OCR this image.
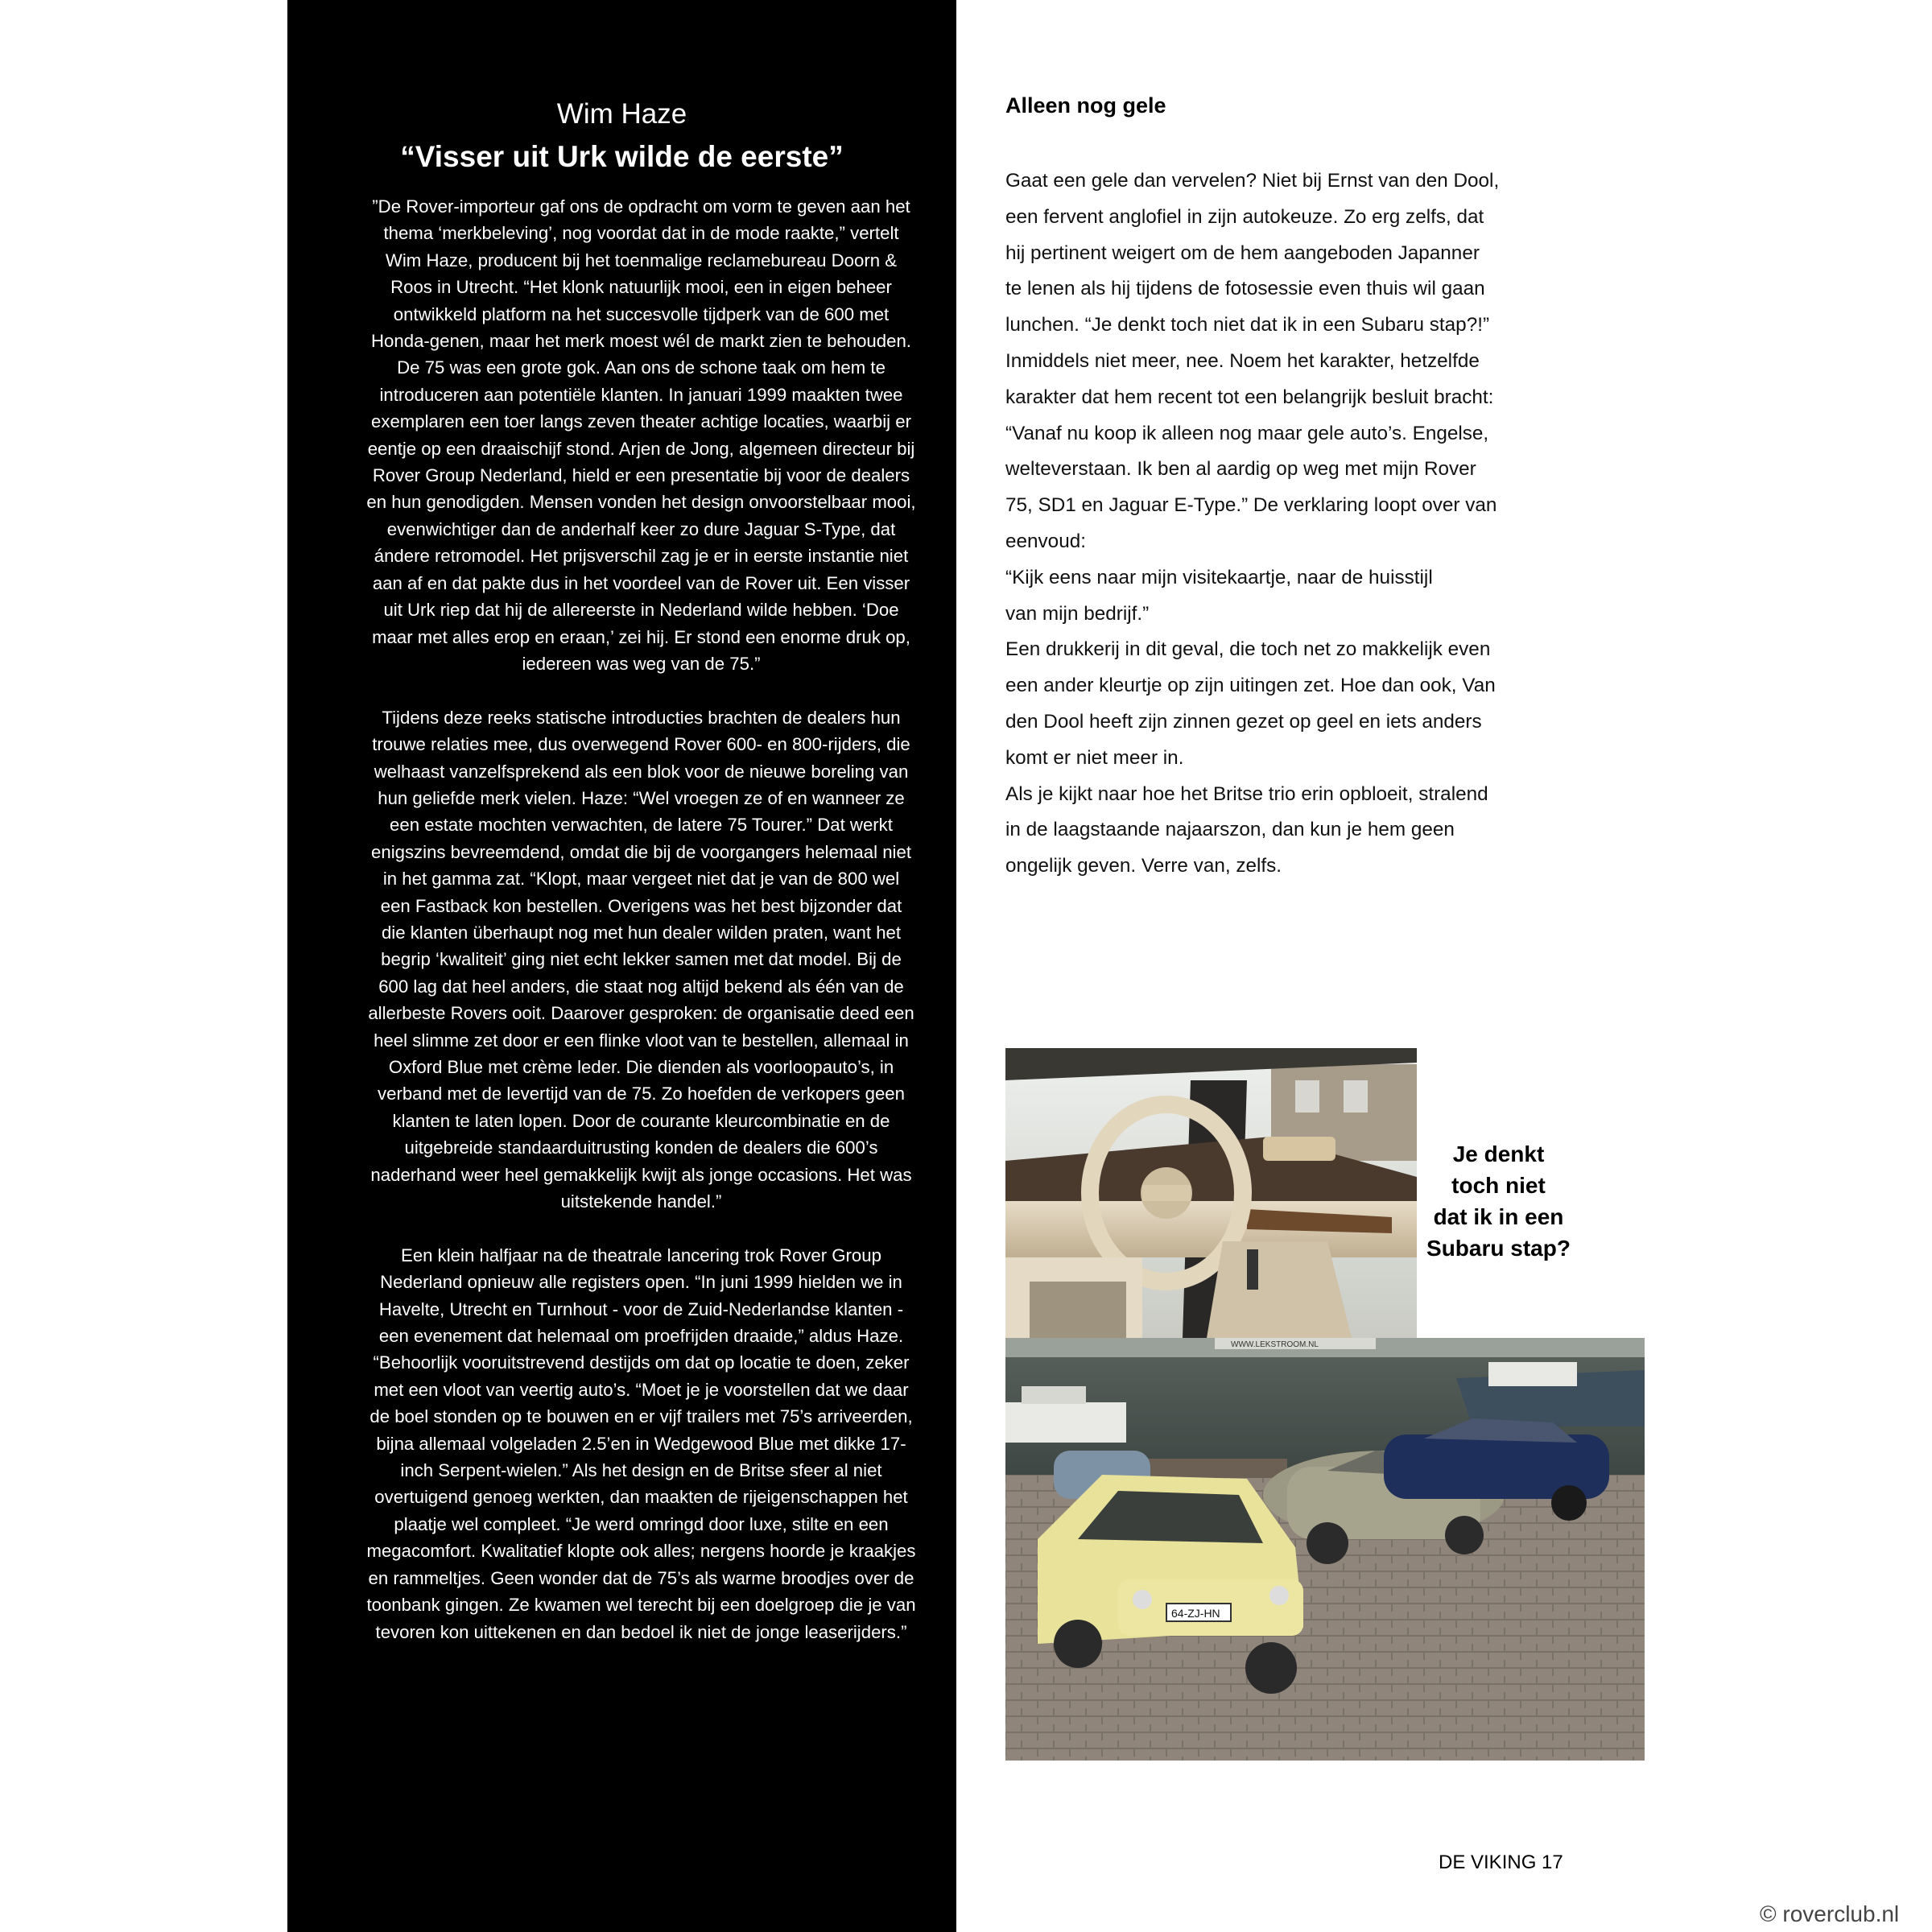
Wim Haze
“Visser uit Urk wilde de eerste”

”De Rover-importeur gaf ons de opdracht om vorm te geven aan het thema ‘merkbeleving’, nog voordat dat in de mode raakte,” vertelt Wim Haze, producent bij het toenmalige reclamebureau Doorn & Roos in Utrecht. “Het klonk natuurlijk mooi, een in eigen beheer ontwikkeld platform na het succesvolle tijdperk van de 600 met Honda-genen, maar het merk moest wél de markt zien te behouden. De 75 was een grote gok. Aan ons de schone taak om hem te introduceren aan potentiële klanten. In januari 1999 maakten twee exemplaren een toer langs zeven theater achtige locaties, waarbij er eentje op een draaischijf stond. Arjen de Jong, algemeen directeur bij Rover Group Nederland, hield er een presentatie bij voor de dealers en hun genodigden. Mensen vonden het design onvoorstelbaar mooi, evenwichtiger dan de anderhalf keer zo dure Jaguar S-Type, dat ándere retromodel. Het prijsverschil zag je er in eerste instantie niet aan af en dat pakte dus in het voordeel van de Rover uit. Een visser uit Urk riep dat hij de allereerste in Nederland wilde hebben. ‘Doe maar met alles erop en eraan,’ zei hij. Er stond een enorme druk op, iedereen was weg van de 75.”

Tijdens deze reeks statische introducties brachten de dealers hun trouwe relaties mee, dus overwegend Rover 600- en 800-rijders, die welhaast vanzelfsprekend als een blok voor de nieuwe boreling van hun geliefde merk vielen. Haze: “Wel vroegen ze of en wanneer ze een estate mochten verwachten, de latere 75 Tourer.” Dat werkt enigszins bevreemdend, omdat die bij de voorgangers helemaal niet in het gamma zat. “Klopt, maar vergeet niet dat je van de 800 wel een Fastback kon bestellen. Overigens was het best bijzonder dat die klanten überhaupt nog met hun dealer wilden praten, want het begrip ‘kwaliteit’ ging niet echt lekker samen met dat model. Bij de 600 lag dat heel anders, die staat nog altijd bekend als één van de allerbeste Rovers ooit. Daarover gesproken: de organisatie deed een heel slimme zet door er een flinke vloot van te bestellen, allemaal in Oxford Blue met crème leder. Die dienden als voorloopauto’s, in verband met de levertijd van de 75. Zo hoefden de verkopers geen klanten te laten lopen. Door de courante kleurcombinatie en de uitgebreide standaarduitrusting konden de dealers die 600’s naderhand weer heel gemakkelijk kwijt als jonge occasions. Het was uitstekende handel.”

Een klein halfjaar na de theatrale lancering trok Rover Group Nederland opnieuw alle registers open. “In juni 1999 hielden we in Havelte, Utrecht en Turnhout - voor de Zuid-Nederlandse klanten - een evenement dat helemaal om proefrijden draaide,” aldus Haze. “Behoorlijk vooruitstrevend destijds om dat op locatie te doen, zeker met een vloot van veertig auto’s. “Moet je je voorstellen dat we daar de boel stonden op te bouwen en er vijf trailers met 75’s arriveerden, bijna allemaal volgeladen 2.5’en in Wedgewood Blue met dikke 17-inch Serpent-wielen.” Als het design en de Britse sfeer al niet overtuigend genoeg werkten, dan maakten de rijeigenschappen het plaatje wel compleet. “Je werd omringd door luxe, stilte en een megacomfort. Kwalitatief klopte ook alles; nergens hoorde je kraakjes en rammeltjes. Geen wonder dat de 75’s als warme broodjes over de toonbank gingen. Ze kwamen wel terecht bij een doelgroep die je van tevoren kon uittekenen en dan bedoel ik niet de jonge leaserijders.”

Alleen nog gele
Gaat een gele dan vervelen? Niet bij Ernst van den Dool,
een fervent anglofiel in zijn autokeuze. Zo erg zelfs, dat
hij pertinent weigert om de hem aangeboden Japanner
te lenen als hij tijdens de fotosessie even thuis wil gaan
lunchen. “Je denkt toch niet dat ik in een Subaru stap?!”
Inmiddels niet meer, nee. Noem het karakter, hetzelfde
karakter dat hem recent tot een belangrijk besluit bracht:
“Vanaf nu koop ik alleen nog maar gele auto’s. Engelse,
welteverstaan. Ik ben al aardig op weg met mijn Rover
75, SD1 en Jaguar E-Type.” De verklaring loopt over van
eenvoud:
“Kijk eens naar mijn visitekaartje, naar de huisstijl
van mijn bedrijf.”
Een drukkerij in dit geval, die toch net zo makkelijk even
een ander kleurtje op zijn uitingen zet. Hoe dan ook, Van
den Dool heeft zijn zinnen gezet op geel en iets anders
komt er niet meer in.
Als je kijkt naar hoe het Britse trio erin opbloeit, stralend
in de laagstaande najaarszon, dan kun je hem geen
ongelijk geven. Verre van, zelfs.
Je denkt
toch niet
dat ik in een
Subaru stap?
WWW.LEKSTROOM.NL
64-ZJ-HN

DE VIKING 17

© roverclub.nl
